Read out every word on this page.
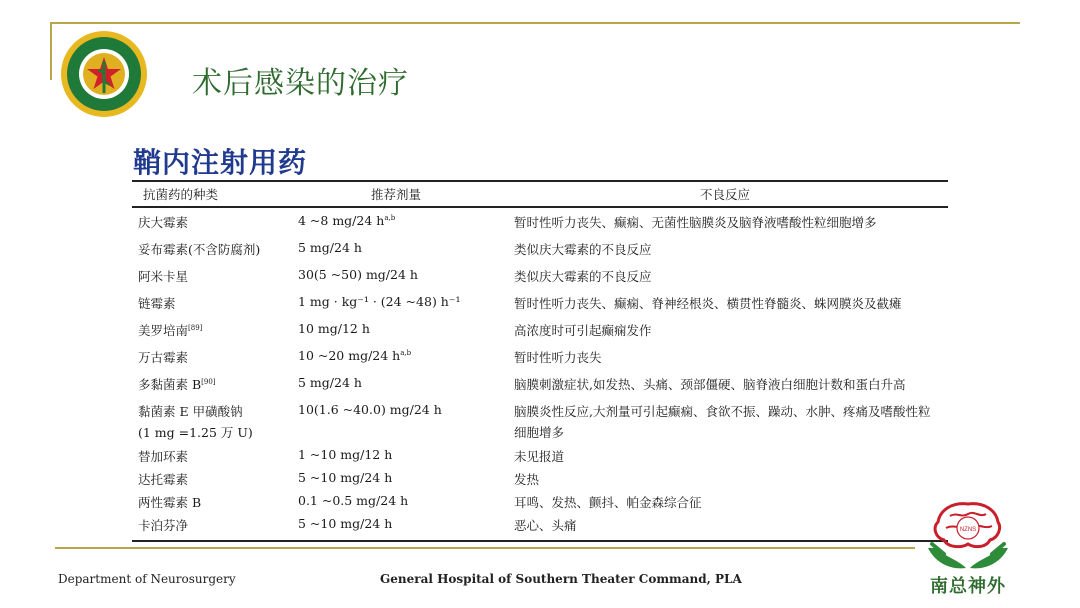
术后感染的治疗
鞘内注射用药
抗菌药的种类	推荐剂量	不良反应
庆大霉素	4 ~8 mg/24 $h^{a,b}$	暂时性听力丧失、癫痫、无菌性脑膜炎及脑脊液嗜酸性粒细胞增多
妥布霉素(不含防腐剂)	5 mg/24 h	类似庆大霉素的不良反应
阿米卡星	30(5 ~50) mg/24 h	类似庆大霉素的不良反应
链霉素	1 mg · kg⁻¹ · (24 ~48) h⁻¹	暂时性听力丧失、癫痫、脊神经根炎、横贯性脊髓炎、蛛网膜炎及截瘫
美罗培南[89]	10 mg/12 h	高浓度时可引起癫痫发作
万古霉素	10 ~20 mg/24 $h^{a,b}$	暂时性听力丧失
多黏菌素 B[90]	5 mg/24 h	脑膜刺激症状,如发热、头痛、颈部僵硬、脑脊液白细胞计数和蛋白升高
黏菌素 E 甲磺酸钠
(1 mg =1.25 万 U)
10(1.6 ~40.0) mg/24 h	脑膜炎性反应,大剂量可引起癫痫、食欲不振、躁动、水肿、疼痛及嗜酸性粒
细胞增多
替加环素	1 ~10 mg/12 h	未见报道
达托霉素	5 ~10 mg/24 h	发热
两性霉素 B	0.1 ~0.5 mg/24 h	耳鸣、发热、颤抖、帕金森综合征
卡泊芬净	5 ~10 mg/24 h	恶心、头痛
Department of Neurosurgery	General Hospital of Southern Theater Command, PLA
NZNS
南总神外
